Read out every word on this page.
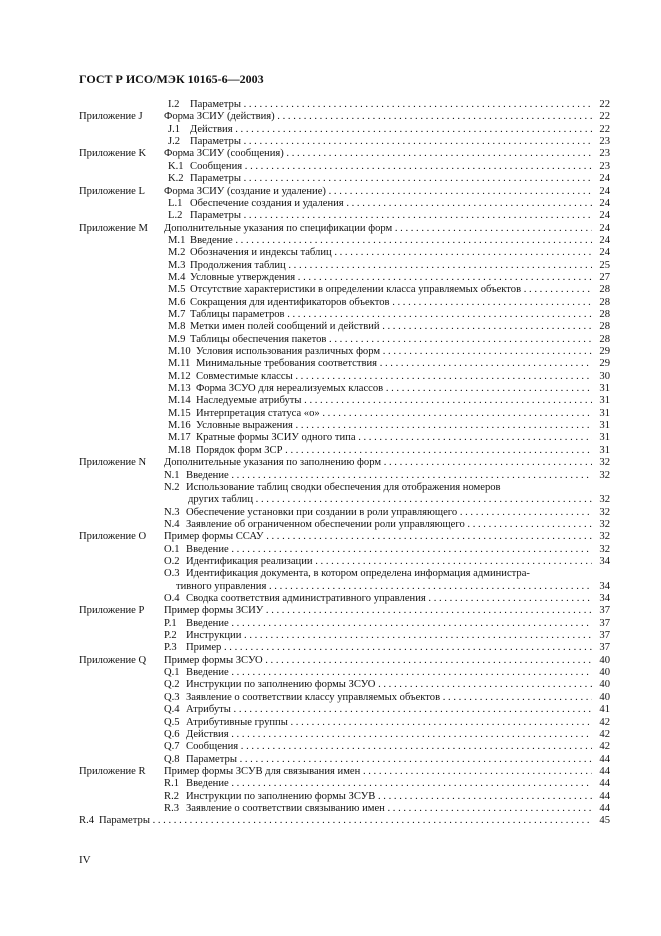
ГОСТ Р ИСО/МЭК 10165-6—2003
I.2 Параметры . . .	22
Приложение J Форма ЗСИУ (действия) . . .	22
J.1 Действия . . .	22
J.2 Параметры . . .	23
Приложение K Форма ЗСИУ (сообщения) . . .	23
K.1 Сообщения . . .	23
K.2 Параметры . . .	24
Приложение L Форма ЗСИУ (создание и удаление) . . .	24
L.1 Обеспечение создания и удаления . . .	24
L.2 Параметры . . .	24
Приложение M Дополнительные указания по спецификации форм . . .	24
M.1 Введение . . .	24
M.2 Обозначения и индексы таблиц . . .	24
M.3 Продолжения таблиц . . .	25
M.4 Условные утверждения . . .	27
M.5 Отсутствие характеристики в определении класса управляемых объектов . . .	28
M.6 Сокращения для идентификаторов объектов . . .	28
M.7 Таблицы параметров . . .	28
M.8 Метки имен полей сообщений и действий . . .	28
M.9 Таблицы обеспечения пакетов . . .	28
M.10 Условия использования различных форм . . .	29
M.11 Минимальные требования соответствия . . .	29
M.12 Совместимые классы . . .	30
M.13 Форма ЗСУО для нереализуемых классов . . .	31
M.14 Наследуемые атрибуты . . .	31
M.15 Интерпретация статуса «о» . . .	31
M.16 Условные выражения . . .	31
M.17 Кратные формы ЗСИУ одного типа . . .	31
M.18 Порядок форм ЗСР . . .	31
Приложение N Дополнительные указания по заполнению форм . . .	32
N.1 Введение . . .	32
N.2 Использование таблиц сводки обеспечения для отображения номеров
других таблиц . . .	32
N.3 Обеспечение установки при создании в роли управляющего . . .	32
N.4 Заявление об ограниченном обеспечении роли управляющего . . .	32
Приложение O Пример формы ССАУ . . .	32
O.1 Введение . . .	32
O.2 Идентификация реализации . . .	34
O.3 Идентификация документа, в котором определена информация администра-
тивного управления . . .	34
O.4 Сводка соответствия административного управления . . .	34
Приложение P Пример формы ЗСИУ . . .	37
P.1 Введение . . .	37
P.2 Инструкции . . .	37
P.3 Пример . . .	37
Приложение Q Пример формы ЗСУО . . .	40
Q.1 Введение . . .	40
Q.2 Инструкции по заполнению формы ЗСУО . . .	40
Q.3 Заявление о соответствии классу управляемых объектов . . .	40
Q.4 Атрибуты . . .	41
Q.5 Атрибутивные группы . . .	42
Q.6 Действия . . .	42
Q.7 Сообщения . . .	42
Q.8 Параметры . . .	44
Приложение R Пример формы ЗСУВ для связывания имен . . .	44
R.1 Введение . . .	44
R.2 Инструкции по заполнению формы ЗСУВ . . .	44
R.3 Заявление о соответствии связыванию имен . . .	44
R.4 Параметры . . .	45
IV
